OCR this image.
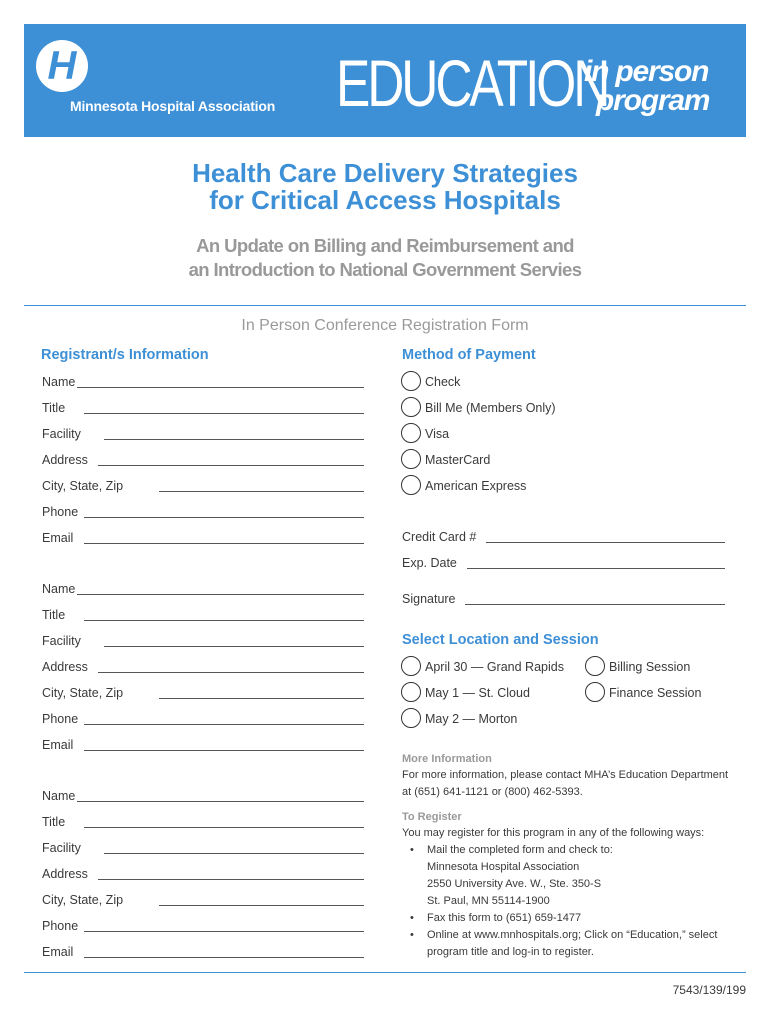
H
Minnesota Hospital Association EDUCATION
in person
program
Health Care Delivery Strategies
for Critical Access Hospitals
An Update on Billing and Reimbursement and
an Introduction to National Government Servies
In Person Conference Registration Form
Registrant/s Information
Name
Title
Facility
Address
City, State, Zip
Phone
Email
Name
Title
Facility
Address
City, State, Zip
Phone
Email
Name
Title
Facility
Address
City, State, Zip
Phone
Email
Method of Payment
Check
Bill Me (Members Only)
Visa
MasterCard
American Express
Credit Card #
Exp. Date
Signature
Select Location and Session
April 30 — Grand Rapids
May 1 — St. Cloud
May 2 — Morton
Billing Session
Finance Session
More Information
For more information, please contact MHA’s Education Department
at (651) 641-1121 or (800) 462-5393.
To Register
You may register for this program in any of the following ways:
• Mail the completed form and check to:
Minnesota Hospital Association
2550 University Ave. W., Ste. 350-S
St. Paul, MN 55114-1900
• Fax this form to (651) 659-1477
• Online at www.mnhospitals.org; Click on “Education,” select
program title and log-in to register.
7543/139/199
